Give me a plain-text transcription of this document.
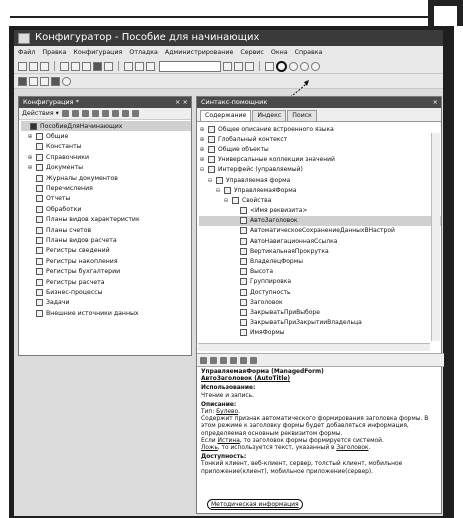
Конфигуратор - Пособие для начинающих
Файл Правка Конфигурация Отладка Администрирование Сервис Окна Справка
Конфигурация *	× ×
Действия ▾
ПособиеДляНачинающих
⊕ Общие
Константы
⊕ Справочники
⊕ Документы
Журналы документов
Перечисления
Отчеты
Обработки
Планы видов характеристик
Планы счетов
Планы видов расчета
Регистры сведений
Регистры накопления
Регистры бухгалтерии
Регистры расчета
Бизнес-процессы
Задачи
Внешние источники данных
Синтакс-помощник	×
Содержание	Индекс	Поиск
⊕ Общее описание встроенного языка
⊕ Глобальный контекст
⊕ Общие объекты
⊕ Универсальные коллекции значений
⊖ Интерфейс (управляемый)
⊖ Управляемая форма
⊖ УправляемаяФорма
⊖ Свойства
<Имя реквизита>
АвтоЗаголовок
АвтоматическоеСохранениеДанныхВНастрой
АвтоНавигационнаяСсылка
ВертикальнаяПрокрутка
ВладелецФормы
Высота
Группировка
Доступность
Заголовок
ЗакрыватьПриВыборе
ЗакрыватьПриЗакрытииВладельца
ИмяФормы

УправляемаяФорма (ManagedForm)

АвтоЗаголовок (AutoTitle)

Использование:

Чтение и запись.

Описание:

Тип: Булево.

Содержит признак автоматического формирования заголовка формы. В этом режиме к заголовку формы будет добавляться информация, определяемая основным реквизитом формы.

Если Истина, то заголовок формы формируется системой.
Ложь, то используется текст, указанный в Заголовок.

Доступность:

Тонкий клиент, веб-клиент, сервер, толстый клиент, мобильное приложение(клиент), мобильное приложение(сервер).

Методическая информация
